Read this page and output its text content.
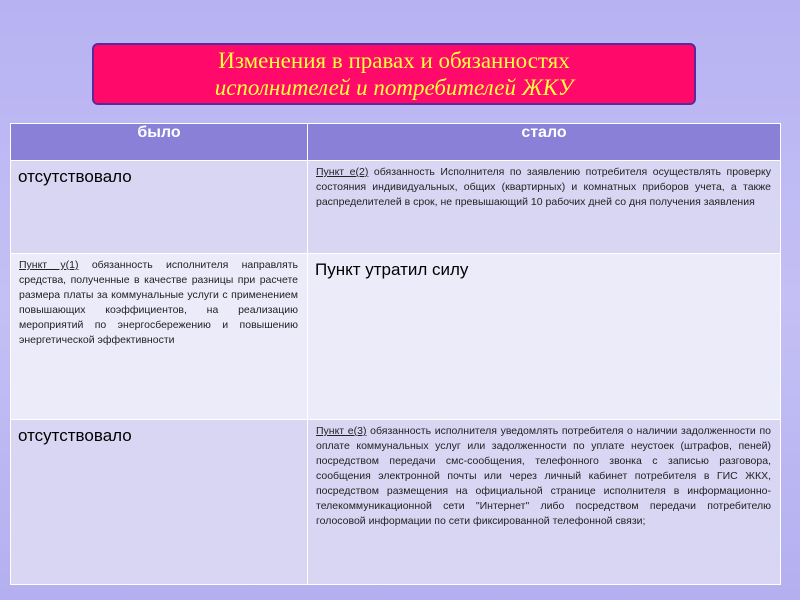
Изменения в правах и обязанностях
исполнителей и потребителей ЖКУ
было	стало

отсутствовало	Пункт е(2) обязанность Исполнителя по заявлению потребителя осуществлять проверку состояния индивидуальных, общих (квартирных) и комнатных приборов учета, а также распределителей в срок, не превышающий 10 рабочих дней со дня получения заявления

Пункт у(1) обязанность исполнителя направлять средства, полученные в качестве разницы при расчете размера платы за коммунальные услуги с применением повышающих коэффициентов, на реализацию мероприятий по энергосбережению и повышению энергетической эффективности	Пункт утратил силу

отсутствовало	Пункт е(3) обязанность исполнителя уведомлять потребителя о наличии задолженности по оплате коммунальных услуг или задолженности по уплате неустоек (штрафов, пеней) посредством передачи смс-сообщения, телефонного звонка с записью разговора, сообщения электронной почты или через личный кабинет потребителя в ГИС ЖКХ, посредством размещения на официальной странице исполнителя в информационно-телекоммуникационной сети "Интернет" либо посредством передачи потребителю голосовой информации по сети фиксированной телефонной связи;
